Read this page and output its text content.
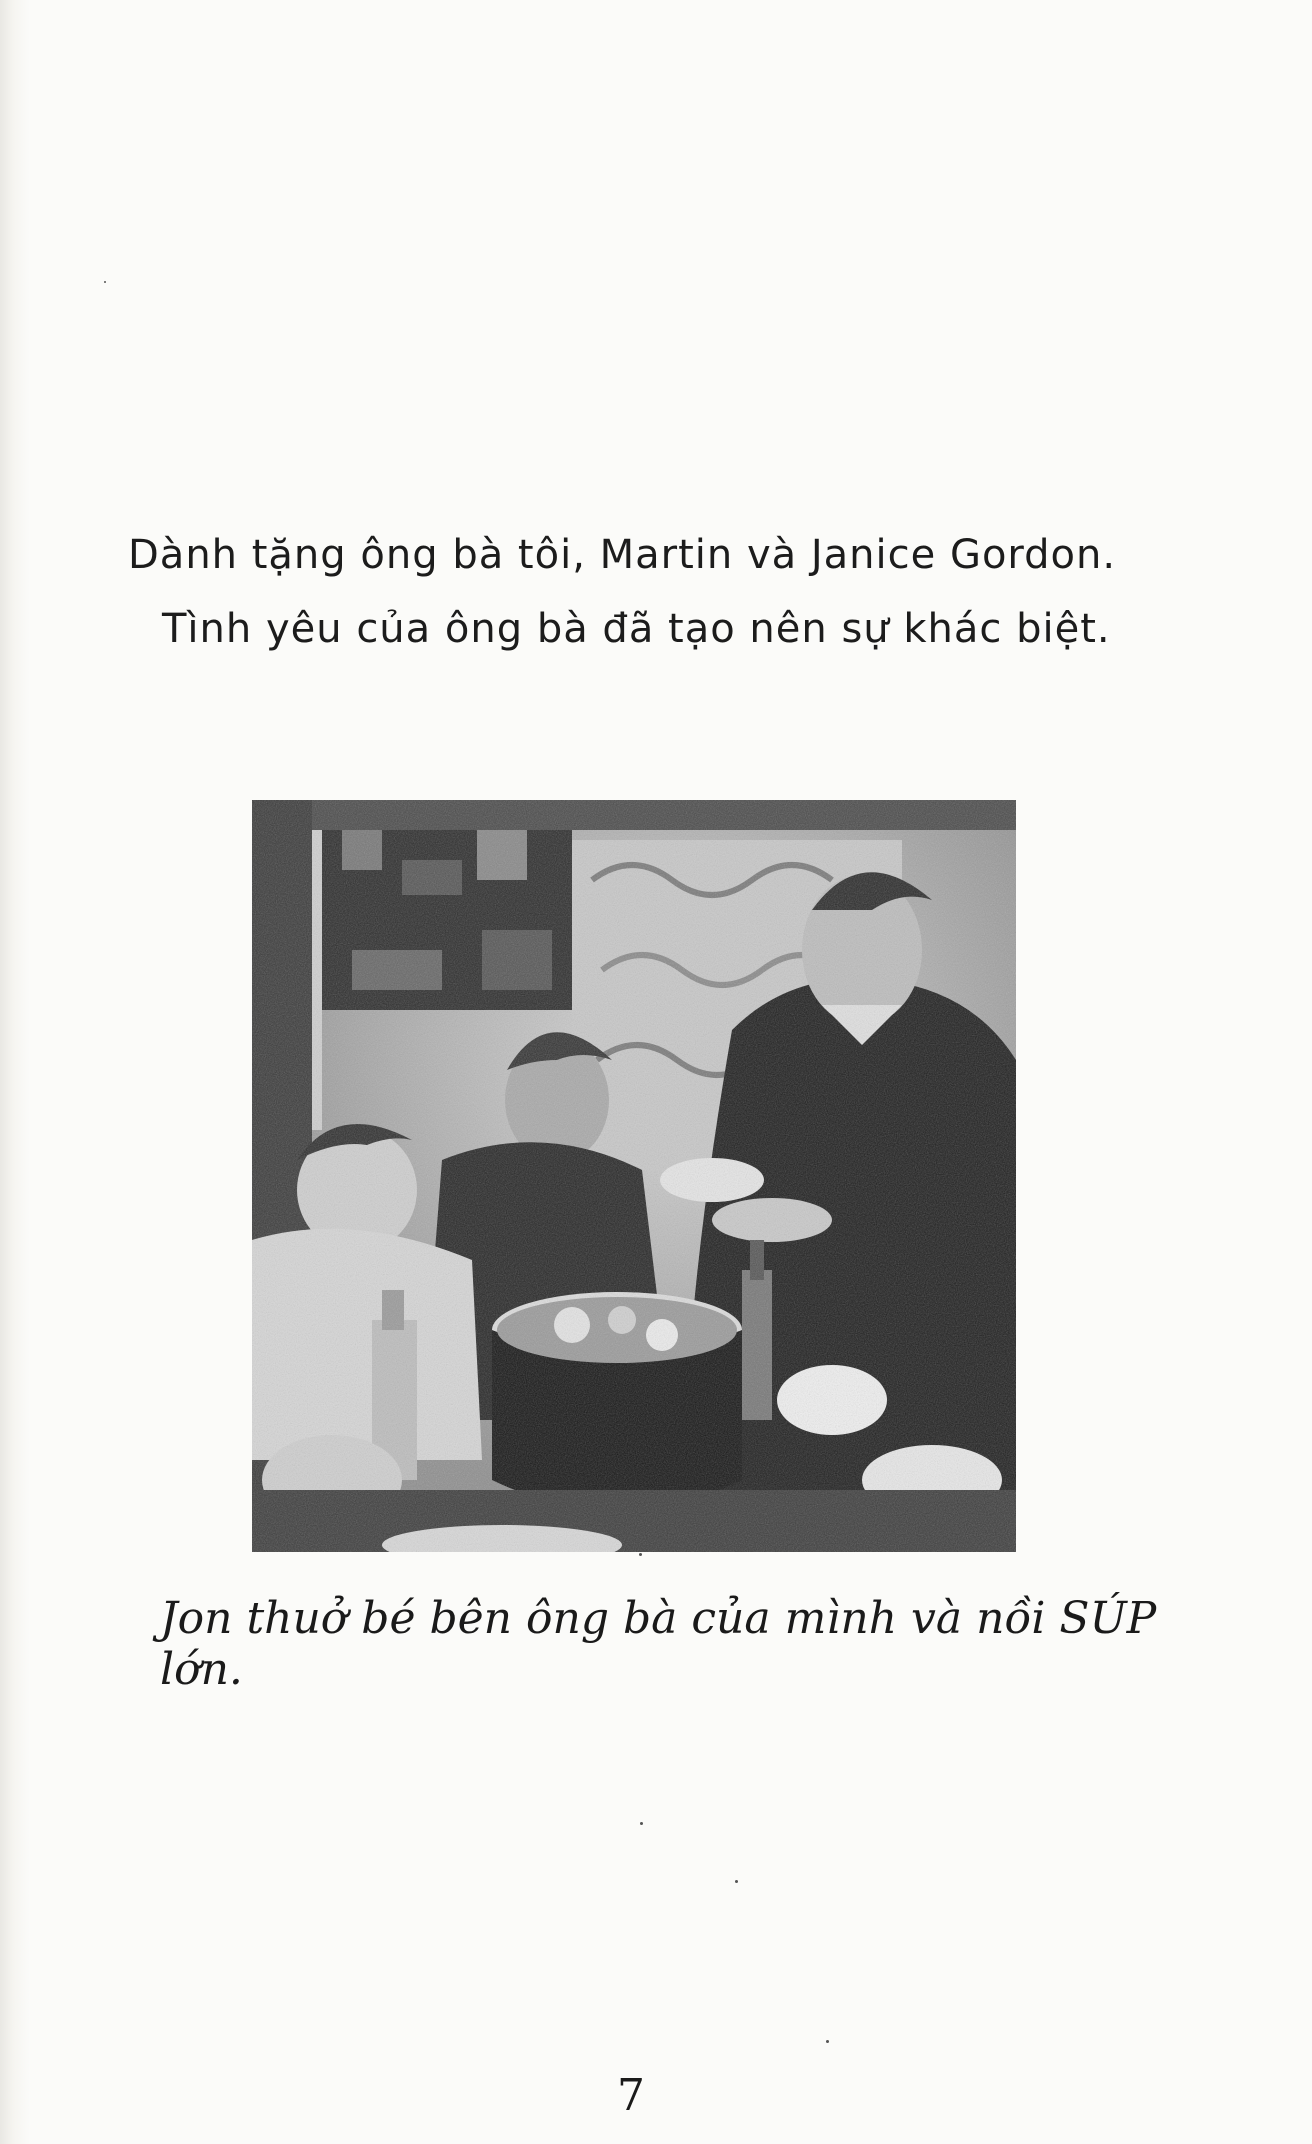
Dành tặng ông bà tôi, Martin và Janice Gordon.
Tình yêu của ông bà đã tạo nên sự khác biệt.
Jon thuở bé bên ông bà của mình và nồi SÚP lớn.
7
